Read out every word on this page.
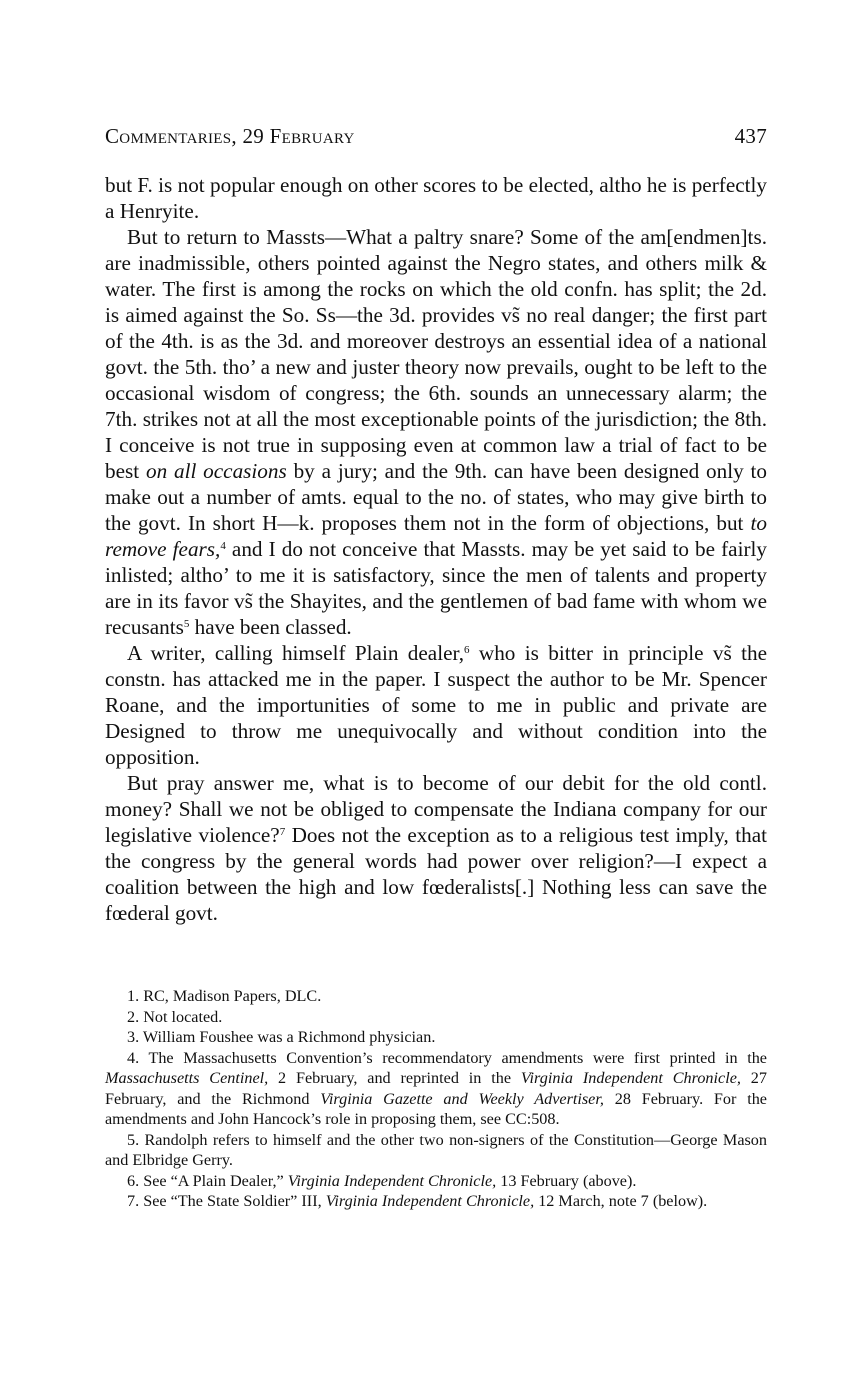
Commentaries, 29 February	437

but F. is not popular enough on other scores to be elected, altho he is perfectly a Henryite.

But to return to Massts—What a paltry snare? Some of the am[endmen]ts. are inadmissible, others pointed against the Negro states, and others milk & water. The first is among the rocks on which the old confn. has split; the 2d. is aimed against the So. Ss—the 3d. provides vs̃ no real danger; the first part of the 4th. is as the 3d. and moreover destroys an essential idea of a national govt. the 5th. tho’ a new and juster theory now prevails, ought to be left to the occasional wisdom of congress; the 6th. sounds an unnecessary alarm; the 7th. strikes not at all the most exceptionable points of the jurisdiction; the 8th. I conceive is not true in supposing even at common law a trial of fact to be best on all occasions by a jury; and the 9th. can have been designed only to make out a number of amts. equal to the no. of states, who may give birth to the govt. In short H—k. proposes them not in the form of objections, but to remove fears,$^4$ and I do not conceive that Massts. may be yet said to be fairly inlisted; altho’ to me it is satisfactory, since the men of talents and property are in its favor vs̃ the Shayites, and the gentlemen of bad fame with whom we recusants$^5$ have been classed.

A writer, calling himself Plain dealer,$^6$ who is bitter in principle vs̃ the constn. has attacked me in the paper. I suspect the author to be Mr. Spencer Roane, and the importunities of some to me in public and private are Designed to throw me unequivocally and without condition into the opposition.

But pray answer me, what is to become of our debit for the old contl. money? Shall we not be obliged to compensate the Indiana company for our legislative violence?$^7$ Does not the exception as to a religious test imply, that the congress by the general words had power over religion?—I expect a coalition between the high and low fœderalists[.] Nothing less can save the fœderal govt.

1. RC, Madison Papers, DLC.

2. Not located.

3. William Foushee was a Richmond physician.

4. The Massachusetts Convention’s recommendatory amendments were first printed in the Massachusetts Centinel, 2 February, and reprinted in the Virginia Independent Chronicle, 27 February, and the Richmond Virginia Gazette and Weekly Advertiser, 28 February. For the amendments and John Hancock’s role in proposing them, see CC:508.

5. Randolph refers to himself and the other two non-signers of the Constitution—George Mason and Elbridge Gerry.

6. See “A Plain Dealer,” Virginia Independent Chronicle, 13 February (above).

7. See “The State Soldier” III, Virginia Independent Chronicle, 12 March, note 7 (below).
